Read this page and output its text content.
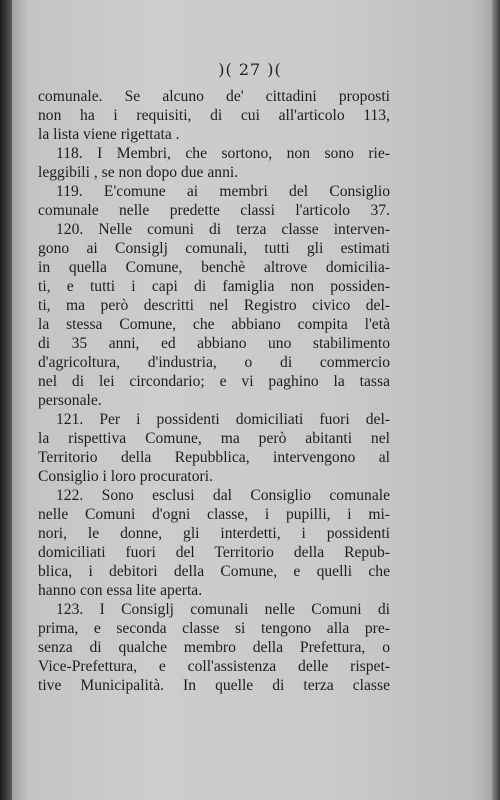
)( 27 )(
comunale. Se alcuno de' cittadini proposti
non ha i requisiti, di cui all'articolo 113,
la lista viene rigettata .
118. I Membri, che sortono, non sono rie-
leggibili , se non dopo due anni.
119. E'comune ai membri del Consiglio
comunale nelle predette classi l'articolo 37.
120. Nelle comuni di terza classe interven-
gono ai Consiglj comunali, tutti gli estimati
in quella Comune, benchè altrove domicilia-
ti, e tutti i capi di famiglia non possiden-
ti, ma però descritti nel Registro civico del-
la stessa Comune, che abbiano compita l'età
di 35 anni, ed abbiano uno stabilimento
d'agricoltura, d'industria, o di commercio
nel di lei circondario; e vi paghino la tassa
personale.
121. Per i possidenti domiciliati fuori del-
la rispettiva Comune, ma però abitanti nel
Territorio della Repubblica, intervengono al
Consiglio i loro procuratori.
122. Sono esclusi dal Consiglio comunale
nelle Comuni d'ogni classe, i pupilli, i mi-
nori, le donne, gli interdetti, i possidenti
domiciliati fuori del Territorio della Repub-
blica, i debitori della Comune, e quelli che
hanno con essa lite aperta.
123. I Consiglj comunali nelle Comuni di
prima, e seconda classe si tengono alla pre-
senza di qualche membro della Prefettura, o
Vice-Prefettura, e coll'assistenza delle rispet-
tive Municipalità. In quelle di terza classe
